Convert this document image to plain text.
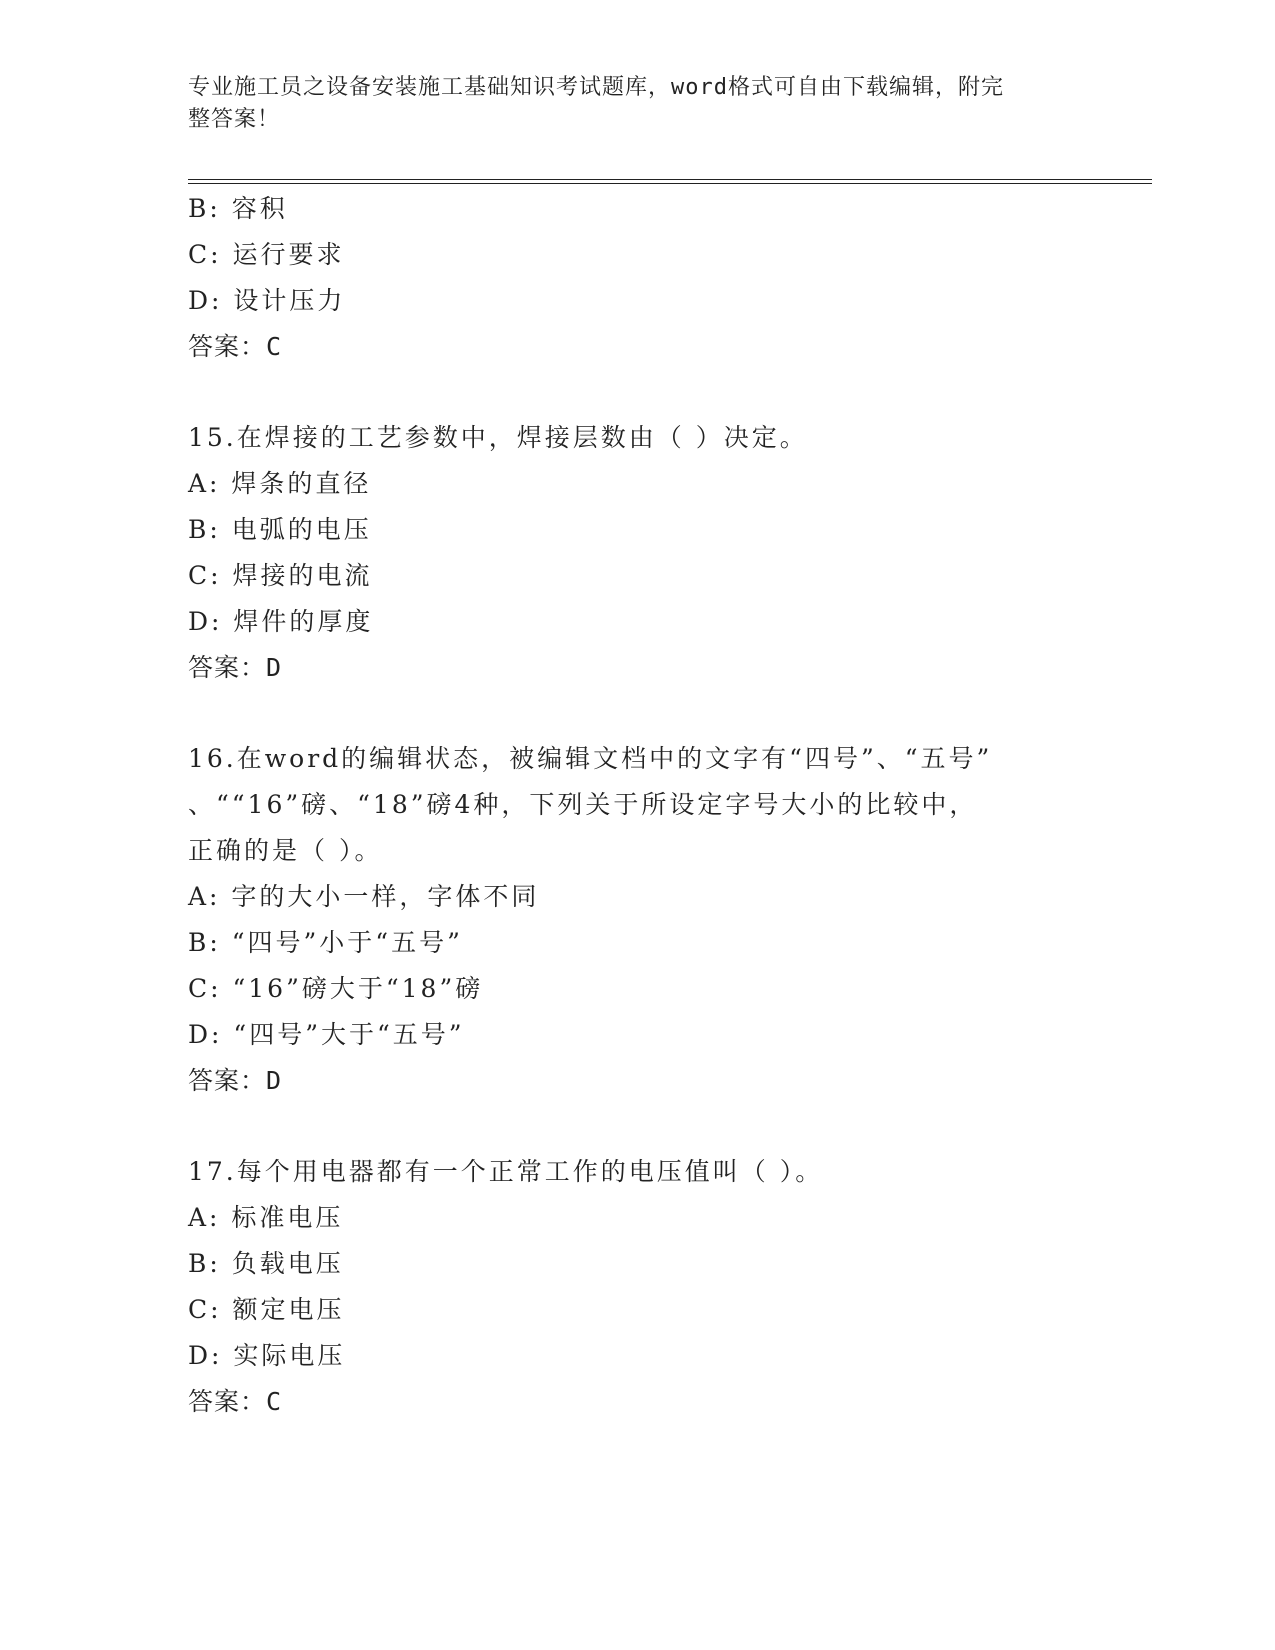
专业施工员之设备安装施工基础知识考试题库，word格式可自由下载编辑，附完
整答案！
B: 容积
C: 运行要求
D: 设计压力
答案：C
15.在焊接的工艺参数中，焊接层数由（ ）决定。
A: 焊条的直径
B: 电弧的电压
C: 焊接的电流
D: 焊件的厚度
答案：D
16.在word的编辑状态，被编辑文档中的文字有“四号”、“五号”
、““16”磅、“18”磅4种，下列关于所设定字号大小的比较中，
正确的是（ ）。
A: 字的大小一样，字体不同
B: “四号”小于“五号”
C: “16”磅大于“18”磅
D: “四号”大于“五号”
答案：D
17.每个用电器都有一个正常工作的电压值叫（ ）。
A: 标准电压
B: 负载电压
C: 额定电压
D: 实际电压
答案：C
